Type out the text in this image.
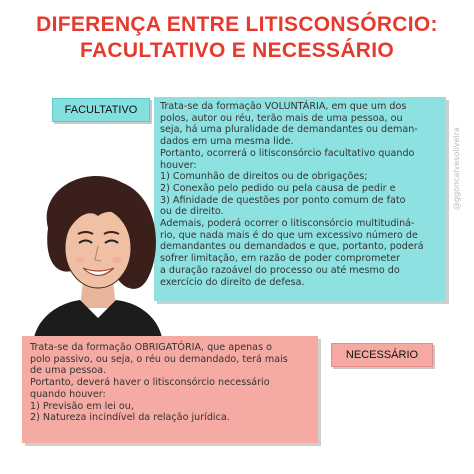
DIFERENÇA ENTRE LITISCONSÓRCIO:
FACULTATIVO E NECESSÁRIO
FACULTATIVO	Trata-se da formação VOLUNTÁRIA, em que um dos

polos, autor ou réu, terão mais de uma pessoa, ou

seja, há uma pluralidade de demandantes ou deman-

dados em uma mesma lide.

Portanto, ocorrerá o litisconsórcio facultativo quando

houver:

1) Comunhão de direitos ou de obrigações;

2) Conexão pelo pedido ou pela causa de pedir e

3) Afinidade de questões por ponto comum de fato

ou de direito.

Ademais, poderá ocorrer o litisconsórcio multitudiná-

rio, que nada mais é do que um excessivo número de

demandantes ou demandados e que, portanto, poderá

sofrer limitação, em razão de poder comprometer

a duração razoável do processo ou até mesmo do

exercício do direito de defesa.

@ggoncalvesoliveira

Trata-se da formação OBRIGATÓRIA, que apenas o

polo passivo, ou seja, o réu ou demandado, terá mais

de uma pessoa.

Portanto, deverá haver o litisconsórcio necessário

quando houver:

1) Previsão em lei ou,

2) Natureza incindível da relação jurídica.

NECESSÁRIO
